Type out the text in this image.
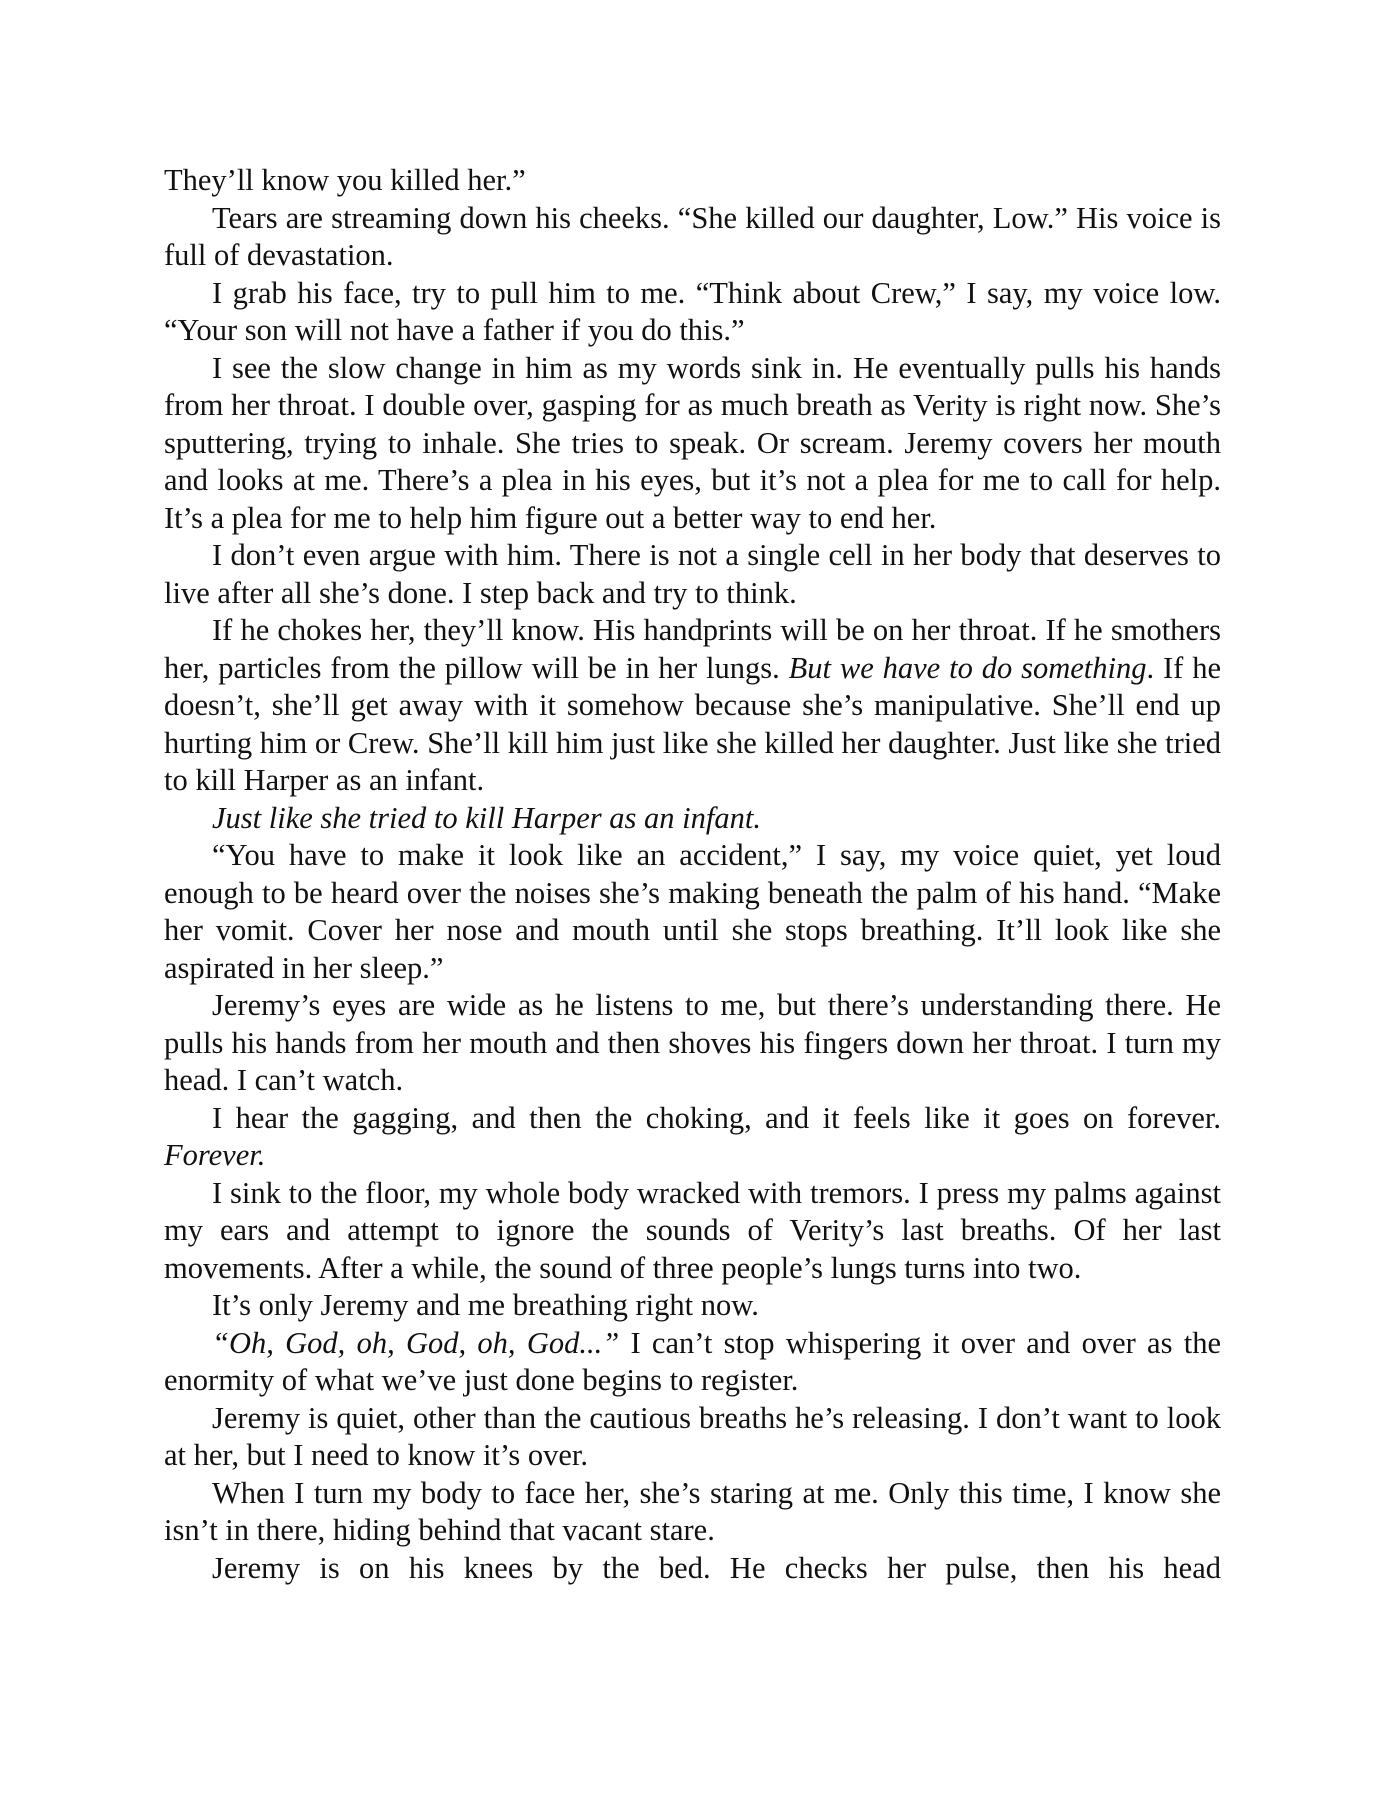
They’ll know you killed her.”

Tears are streaming down his cheeks. “She killed our daughter, Low.” His voice is full of devastation.

I grab his face, try to pull him to me. “Think about Crew,” I say, my voice low. “Your son will not have a father if you do this.”

I see the slow change in him as my words sink in. He eventually pulls his hands from her throat. I double over, gasping for as much breath as Verity is right now. She’s sputtering, trying to inhale. She tries to speak. Or scream. Jeremy covers her mouth and looks at me. There’s a plea in his eyes, but it’s not a plea for me to call for help. It’s a plea for me to help him figure out a better way to end her.

I don’t even argue with him. There is not a single cell in her body that deserves to live after all she’s done. I step back and try to think.

If he chokes her, they’ll know. His handprints will be on her throat. If he smothers her, particles from the pillow will be in her lungs. But we have to do something. If he doesn’t, she’ll get away with it somehow because she’s manipulative. She’ll end up hurting him or Crew. She’ll kill him just like she killed her daughter. Just like she tried to kill Harper as an infant.

Just like she tried to kill Harper as an infant.

“You have to make it look like an accident,” I say, my voice quiet, yet loud enough to be heard over the noises she’s making beneath the palm of his hand. “Make her vomit. Cover her nose and mouth until she stops breathing. It’ll look like she aspirated in her sleep.”

Jeremy’s eyes are wide as he listens to me, but there’s understanding there. He pulls his hands from her mouth and then shoves his fingers down her throat. I turn my head. I can’t watch.

I hear the gagging, and then the choking, and it feels like it goes on forever. Forever.

I sink to the floor, my whole body wracked with tremors. I press my palms against my ears and attempt to ignore the sounds of Verity’s last breaths. Of her last movements. After a while, the sound of three people’s lungs turns into two.

It’s only Jeremy and me breathing right now.

“Oh, God, oh, God, oh, God...” I can’t stop whispering it over and over as the enormity of what we’ve just done begins to register.

Jeremy is quiet, other than the cautious breaths he’s releasing. I don’t want to look at her, but I need to know it’s over.

When I turn my body to face her, she’s staring at me. Only this time, I know she isn’t in there, hiding behind that vacant stare.

Jeremy is on his knees by the bed. He checks her pulse, then his head
